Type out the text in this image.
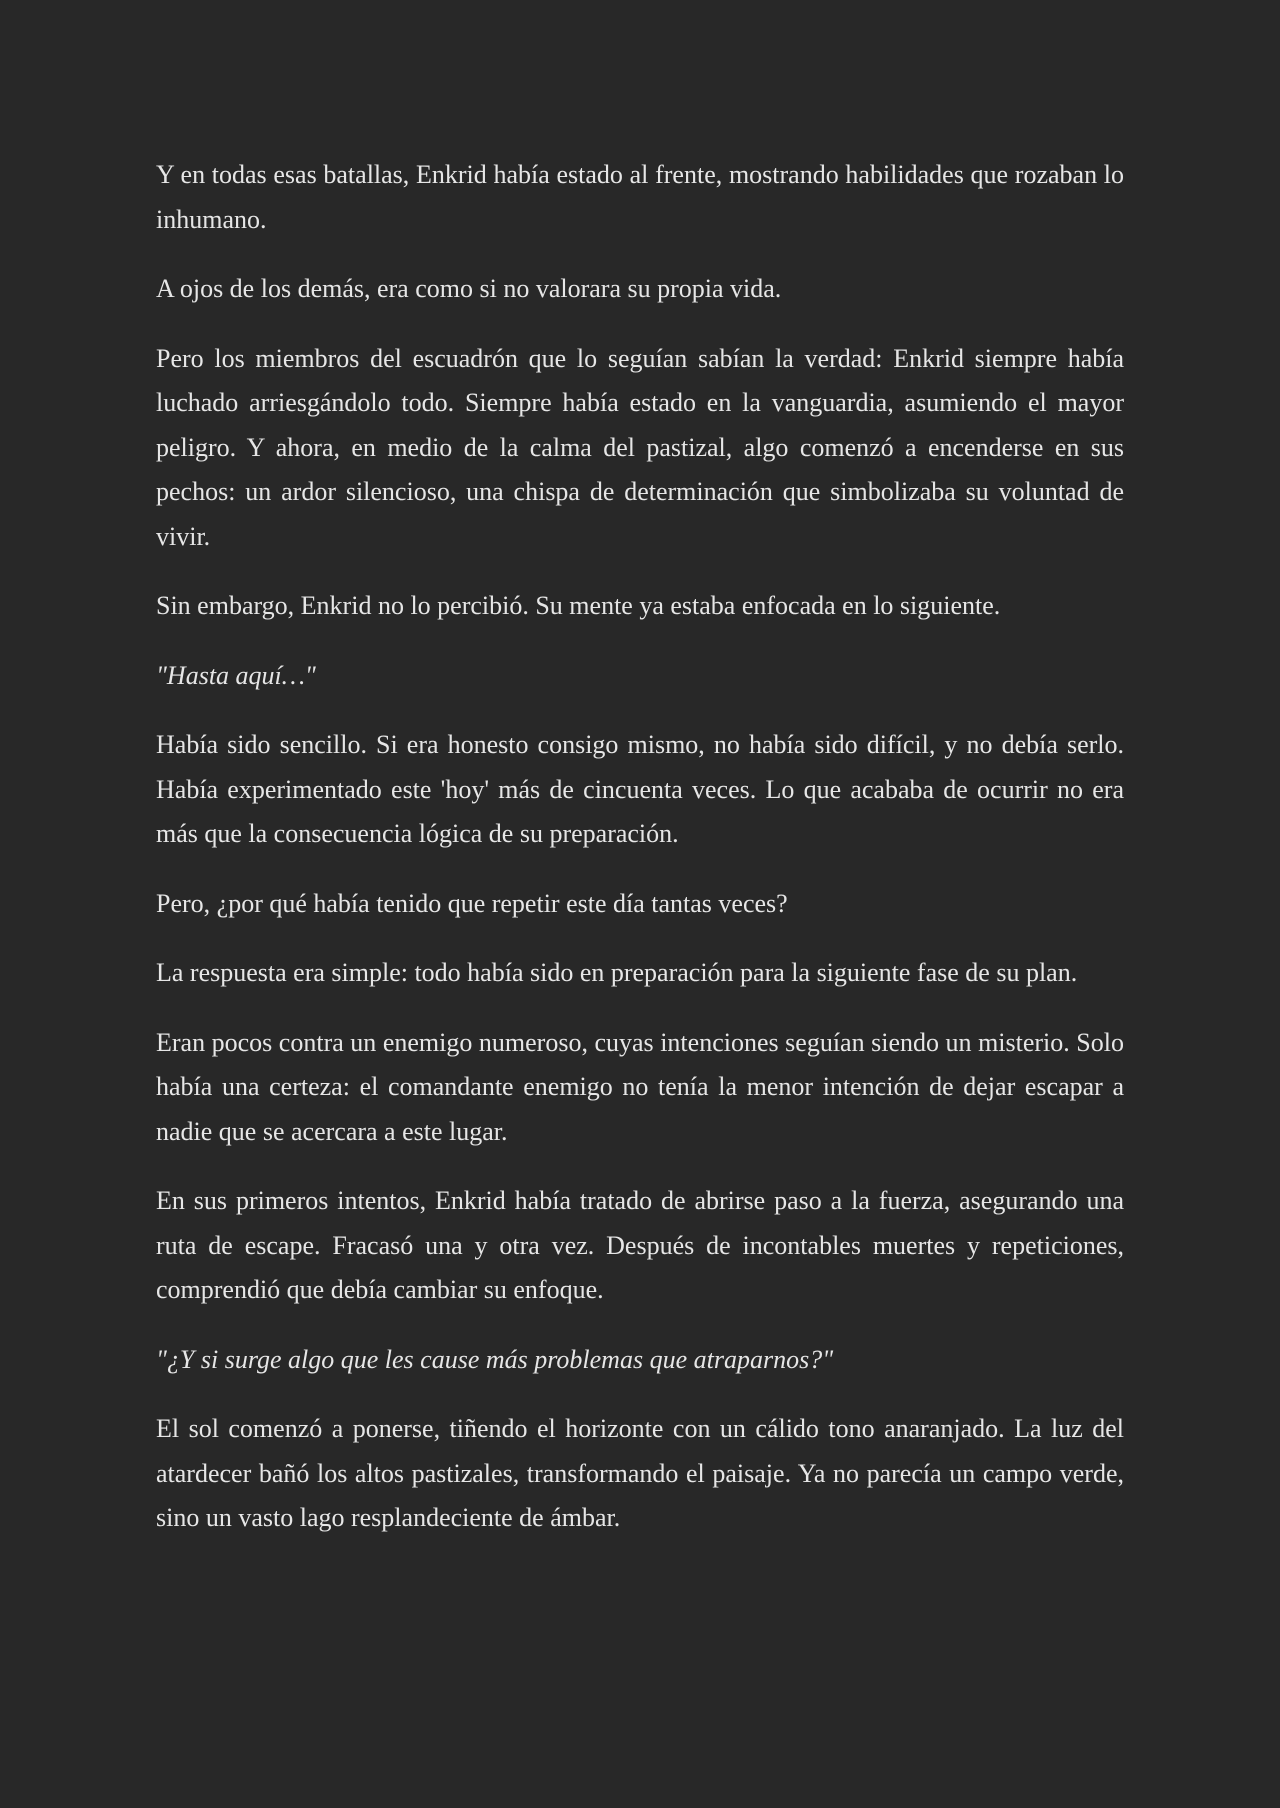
Y en todas esas batallas, Enkrid había estado al frente, mostrando habilidades que rozaban lo inhumano.

A ojos de los demás, era como si no valorara su propia vida.

Pero los miembros del escuadrón que lo seguían sabían la verdad: Enkrid siempre había luchado arriesgándolo todo. Siempre había estado en la vanguardia, asumiendo el mayor peligro. Y ahora, en medio de la calma del pastizal, algo comenzó a encenderse en sus pechos: un ardor silencioso, una chispa de determinación que simbolizaba su voluntad de vivir.

Sin embargo, Enkrid no lo percibió. Su mente ya estaba enfocada en lo siguiente.

"Hasta aquí…"

Había sido sencillo. Si era honesto consigo mismo, no había sido difícil, y no debía serlo. Había experimentado este 'hoy' más de cincuenta veces. Lo que acababa de ocurrir no era más que la consecuencia lógica de su preparación.

Pero, ¿por qué había tenido que repetir este día tantas veces?

La respuesta era simple: todo había sido en preparación para la siguiente fase de su plan.

Eran pocos contra un enemigo numeroso, cuyas intenciones seguían siendo un misterio. Solo había una certeza: el comandante enemigo no tenía la menor intención de dejar escapar a nadie que se acercara a este lugar.

En sus primeros intentos, Enkrid había tratado de abrirse paso a la fuerza, asegurando una ruta de escape. Fracasó una y otra vez. Después de incontables muertes y repeticiones, comprendió que debía cambiar su enfoque.

"¿Y si surge algo que les cause más problemas que atraparnos?"

El sol comenzó a ponerse, tiñendo el horizonte con un cálido tono anaranjado. La luz del atardecer bañó los altos pastizales, transformando el paisaje. Ya no parecía un campo verde, sino un vasto lago resplandeciente de ámbar.
